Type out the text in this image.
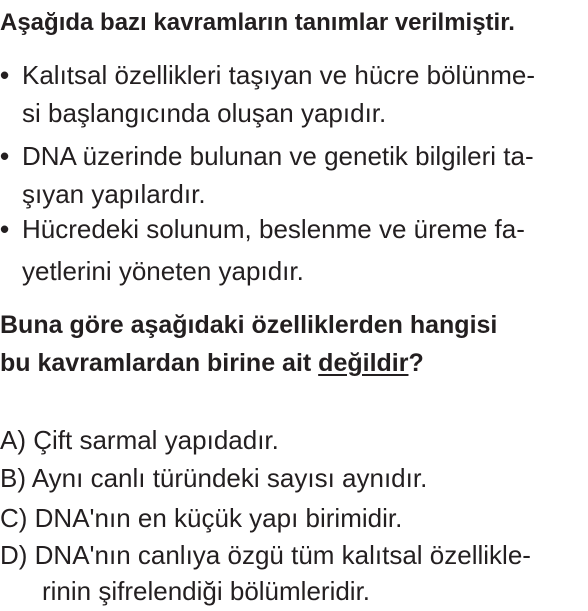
Aşağıda bazı kavramların tanımlar verilmiştir.
• Kalıtsal özellikleri taşıyan ve hücre bölünme-
si başlangıcında oluşan yapıdır.
• DNA üzerinde bulunan ve genetik bilgileri ta-
şıyan yapılardır.
• Hücredeki solunum, beslenme ve üreme fa-
yetlerini yöneten yapıdır.
Buna göre aşağıdaki özelliklerden hangisi
bu kavramlardan birine ait değildir?
A) Çift sarmal yapıdadır.
B) Aynı canlı türündeki sayısı aynıdır.
C) DNA'nın en küçük yapı birimidir.
D) DNA'nın canlıya özgü tüm kalıtsal özellikle-
rinin şifrelendiği bölümleridir.
